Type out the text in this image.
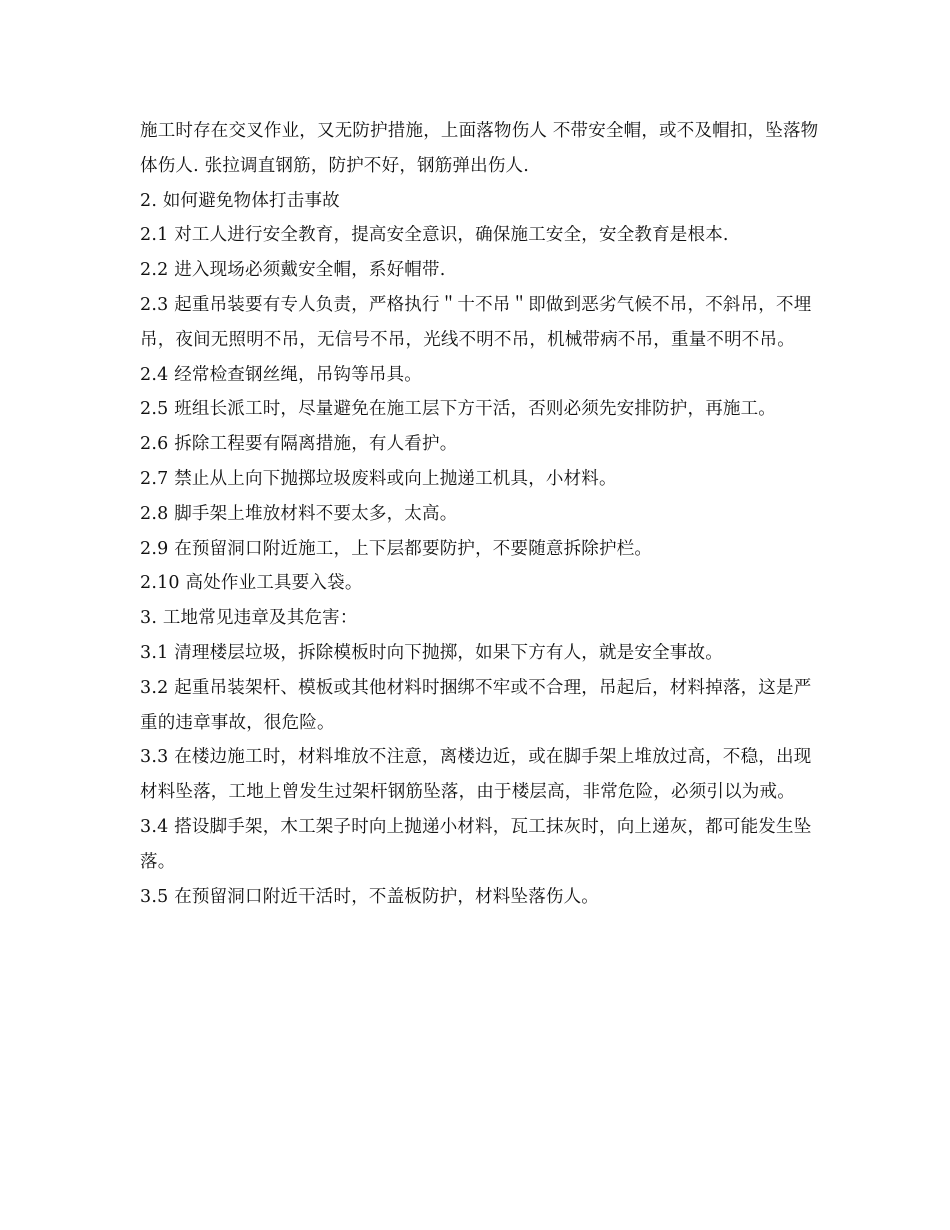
施工时存在交叉作业，又无防护措施，上面落物伤人 不带安全帽，或不及帽扣，坠落物体伤人. 张拉调直钢筋，防护不好，钢筋弹出伤人.

2. 如何避免物体打击事故

2.1 对工人进行安全教育，提高安全意识，确保施工安全，安全教育是根本.

2.2 进入现场必须戴安全帽，系好帽带.

2.3 起重吊装要有专人负责，严格执行＂十不吊＂即做到恶劣气候不吊，不斜吊，不埋吊，夜间无照明不吊，无信号不吊，光线不明不吊，机械带病不吊，重量不明不吊。

2.4 经常检查钢丝绳，吊钩等吊具。

2.5 班组长派工时，尽量避免在施工层下方干活，否则必须先安排防护，再施工。

2.6 拆除工程要有隔离措施，有人看护。

2.7 禁止从上向下抛掷垃圾废料或向上抛递工机具，小材料。

2.8 脚手架上堆放材料不要太多，太高。

2.9 在预留洞口附近施工，上下层都要防护，不要随意拆除护栏。

2.10 高处作业工具要入袋。

3. 工地常见违章及其危害：

3.1 清理楼层垃圾，拆除模板时向下抛掷，如果下方有人，就是安全事故。

3.2 起重吊装架杆、模板或其他材料时捆绑不牢或不合理，吊起后，材料掉落，这是严重的违章事故，很危险。

3.3 在楼边施工时，材料堆放不注意，离楼边近，或在脚手架上堆放过高，不稳，出现材料坠落，工地上曾发生过架杆钢筋坠落，由于楼层高，非常危险，必须引以为戒。

3.4 搭设脚手架，木工架子时向上抛递小材料，瓦工抹灰时，向上递灰，都可能发生坠落。

3.5 在预留洞口附近干活时，不盖板防护，材料坠落伤人。
